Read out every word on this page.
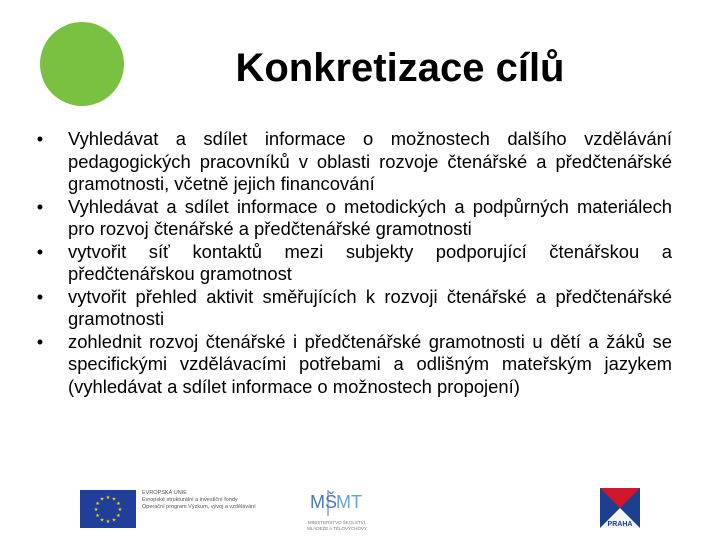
Konkretizace cílů
•	Vyhledávat a sdílet informace o možnostech dalšího vzdělávání pedagogických pracovníků v oblasti rozvoje čtenářské a předčtenářské gramotnosti, včetně jejich financování
•	Vyhledávat a sdílet informace o metodických a podpůrných materiálech pro rozvoj čtenářské a předčtenářské gramotnosti
•	vytvořit síť kontaktů mezi subjekty podporující čtenářskou a předčtenářskou gramotnost
•	vytvořit přehled aktivit směřujících k rozvoji čtenářské a předčtenářské gramotnosti
•	zohlednit rozvoj čtenářské i předčtenářské gramotnosti u dětí a žáků se specifickými vzdělávacími potřebami a odlišným mateřským jazykem (vyhledávat a sdílet informace o možnostech propojení)
★
★
★
★
★
★
★
★
★ ★ ★
★
EVROPSKÁ UNIE
Evropské strukturální a investiční fondy
Operační program Výzkum, vývoj a vzdělávání	MŠ MT
MINISTERSTVO ŠKOLSTVÍ,
MLÁDEŽE A TĚLOVÝCHOVY	PRAHA
